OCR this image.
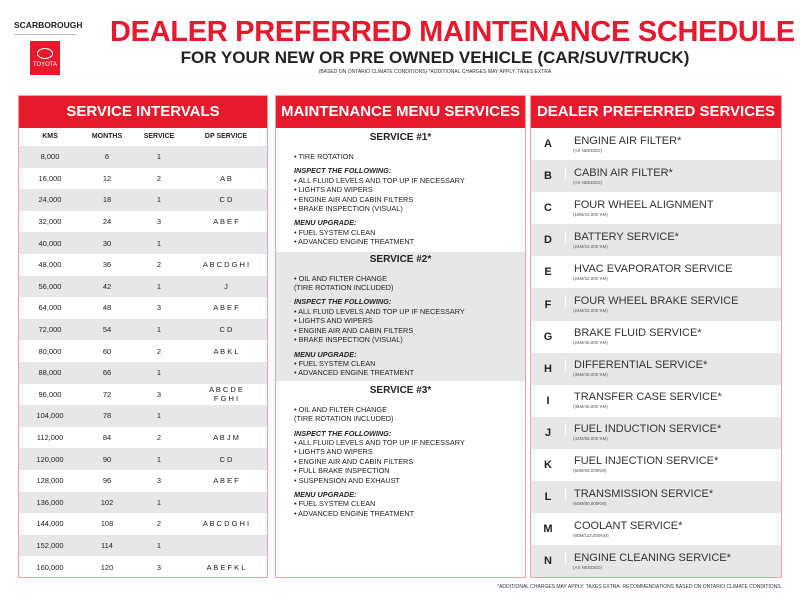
SCARBOROUGH
TOYOTA
DEALER PREFERRED MAINTENANCE SCHEDULE
FOR YOUR NEW OR PRE OWNED VEHICLE (CAR/SUV/TRUCK)
(BASED ON ONTARIO CLIMATE CONDITIONS) *ADDITIONAL CHARGES MAY APPLY, TAXES EXTRA
SERVICE INTERVALS
KMS	MONTHS	SERVICE	DP SERVICE
8,000	6	1
16,000	12	2	A B
24,000	18	1	C D
32,000	24	3	A B E F
40,000	30	1
48,000	36	2	A B C D G H I
56,000	42	1	J
64,000	48	3	A B E F
72,000	54	1	C D
80,000	60	2	A B K L
88,000	66	1
96,000	72	3	A B C D E
F G H I
104,000	78	1
112,000	84	2	A B J M
120,000	90	1	C D
128,000	96	3	A B E F
136,000	102	1
144,000	108	2	A B C D G H I
152,000	114	1
160,000	120	3	A B E F K L
MAINTENANCE MENU SERVICES
SERVICE #1*
• TIRE ROTATION
INSPECT THE FOLLOWING:
• ALL FLUID LEVELS AND TOP UP IF NECESSARY
• LIGHTS AND WIPERS
• ENGINE AIR AND CABIN FILTERS
• BRAKE INSPECTION (VISUAL)
MENU UPGRADE:
• FUEL SYSTEM CLEAN
• ADVANCED ENGINE TREATMENT
SERVICE #2*
• OIL AND FILTER CHANGE
(TIRE ROTATION INCLUDED)
INSPECT THE FOLLOWING:
• ALL FLUID LEVELS AND TOP UP IF NECESSARY
• LIGHTS AND WIPERS
• ENGINE AIR AND CABIN FILTERS
• BRAKE INSPECTION (VISUAL)
MENU UPGRADE:
• FUEL SYSTEM CLEAN
• ADVANCED ENGINE TREATMENT
SERVICE #3*
• OIL AND FILTER CHANGE
(TIRE ROTATION INCLUDED)
INSPECT THE FOLLOWING:
• ALL FLUID LEVELS AND TOP UP IF NECESSARY
• LIGHTS AND WIPERS
• ENGINE AIR AND CABIN FILTERS
• FULL BRAKE INSPECTION
• SUSPENSION AND EXHAUST
MENU UPGRADE:
• FUEL SYSTEM CLEAN
• ADVANCED ENGINE TREATMENT
DEALER PREFERRED SERVICES
A	ENGINE AIR FILTER*
(AS NEEDED)
B	CABIN AIR FILTER*
(AS NEEDED)
C	FOUR WHEEL ALIGNMENT
(18M/24,000 KM)
D	BATTERY SERVICE*
(24M/24,000 KM)
E	HVAC EVAPORATOR SERVICE
(24M/32,000 KM)
F	FOUR WHEEL BRAKE SERVICE
(24M/32,000 KM)
G	BRAKE FLUID SERVICE*
(24M/48,000 KM)
H	DIFFERENTIAL SERVICE*
(36M/48,000 KM)
I	TRANSFER CASE SERVICE*
(36M/48,000 KM)
J	FUEL INDUCTION SERVICE*
(42M/56,000 KM)
K	FUEL INJECTION SERVICE*
(60M/80,000KM)
L	TRANSMISSION SERVICE*
(60M/80,000KM)
M	COOLANT SERVICE*
(60M/112,000KM)
N	ENGINE CLEANING SERVICE*
(AS NEEDED)
*ADDITIONAL CHARGES MAY APPLY. TAXES EXTRA. RECOMMENDATIONS BASED ON ONTARIO CLIMATE CONDITIONS.
